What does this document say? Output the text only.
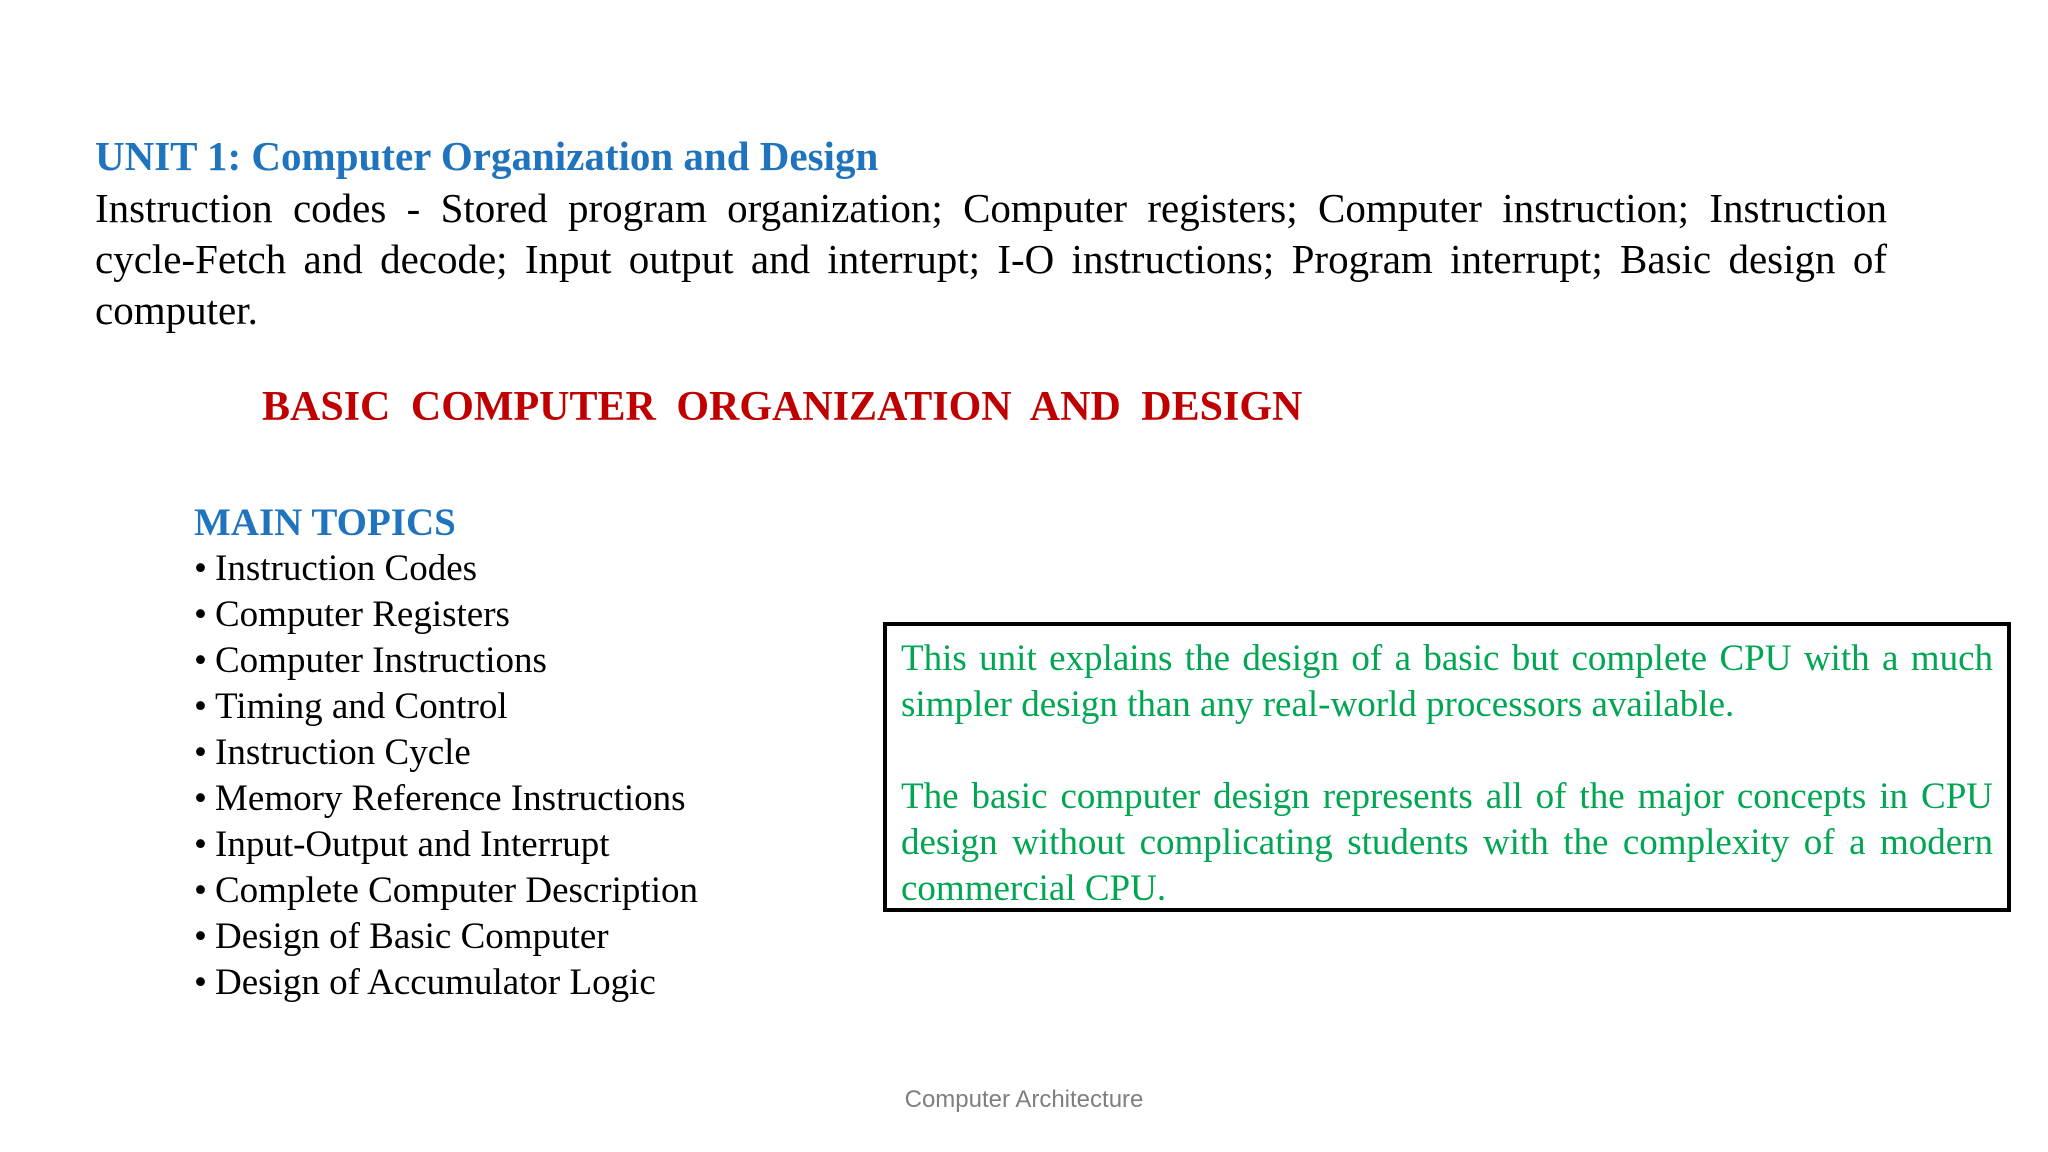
UNIT 1: Computer Organization and Design

Instruction codes - Stored program organization; Computer registers; Computer instruction; Instruction cycle-Fetch and decode; Input output and interrupt; I-O instructions; Program interrupt; Basic design of computer.

BASIC COMPUTER ORGANIZATION AND DESIGN
MAIN TOPICS
• Instruction Codes
• Computer Registers
• Computer Instructions
• Timing and Control
• Instruction Cycle
• Memory Reference Instructions
• Input-Output and Interrupt
• Complete Computer Description
• Design of Basic Computer
• Design of Accumulator Logic

This unit explains the design of a basic but complete CPU with a much simpler design than any real-world processors available.

The basic computer design represents all of the major concepts in CPU design without complicating students with the complexity of a modern commercial CPU.

Computer Architecture
